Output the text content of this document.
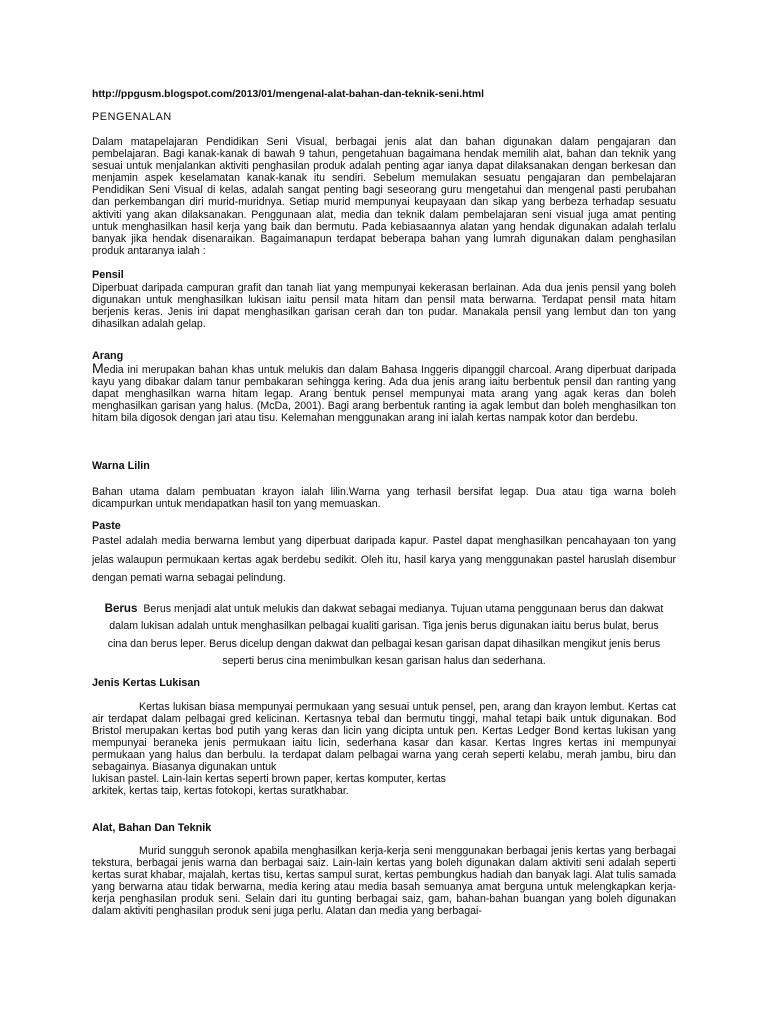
http://ppgusm.blogspot.com/2013/01/mengenal-alat-bahan-dan-teknik-seni.html
PENGENALAN
Dalam matapelajaran Pendidikan Seni Visual, berbagai jenis alat dan bahan digunakan dalam pengajaran dan pembelajaran. Bagi kanak-kanak di bawah 9 tahun, pengetahuan bagaimana hendak memilih alat, bahan dan teknik yang sesuai untuk menjalankan aktiviti penghasilan produk adalah penting agar ianya dapat dilaksanakan dengan berkesan dan menjamin aspek keselamatan kanak-kanak itu sendiri. Sebelum memulakan sesuatu pengajaran dan pembelajaran Pendidikan Seni Visual di kelas, adalah sangat penting bagi seseorang guru mengetahui dan mengenal pasti perubahan dan perkembangan diri murid-muridnya. Setiap murid mempunyai keupayaan dan sikap yang berbeza terhadap sesuatu aktiviti yang akan dilaksanakan. Penggunaan alat, media dan teknik dalam pembelajaran seni visual juga amat penting untuk menghasilkan hasil kerja yang baik dan bermutu. Pada kebiasaannya alatan yang hendak digunakan adalah terlalu banyak jika hendak disenaraikan. Bagaimanapun terdapat beberapa bahan yang lumrah digunakan dalam penghasilan produk antaranya ialah :
Pensil
Diperbuat daripada campuran grafit dan tanah liat yang mempunyai kekerasan berlainan. Ada dua jenis pensil yang boleh digunakan untuk menghasilkan lukisan iaitu pensil mata hitam dan pensil mata berwarna. Terdapat pensil mata hitam berjenis keras. Jenis ini dapat menghasilkan garisan cerah dan ton pudar. Manakala pensil yang lembut dan ton yang dihasilkan adalah gelap.
Arang
Media ini merupakan bahan khas untuk melukis dan dalam Bahasa Inggeris dipanggil charcoal. Arang diperbuat daripada kayu yang dibakar dalam tanur pembakaran sehingga kering. Ada dua jenis arang iaitu berbentuk pensil dan ranting yang dapat menghasilkan warna hitam legap. Arang bentuk pensel mempunyai mata arang yang agak keras dan boleh menghasilkan garisan yang halus. (McDa, 2001). Bagi arang berbentuk ranting ia agak lembut dan boleh menghasilkan ton hitam bila digosok dengan jari atau tisu. Kelemahan menggunakan arang ini ialah kertas nampak kotor dan berdebu.
Warna Lilin
Bahan utama dalam pembuatan krayon ialah lilin.Warna yang terhasil bersifat legap. Dua atau tiga warna boleh dicampurkan untuk mendapatkan hasil ton yang memuaskan.
Paste
Pastel adalah media berwarna lembut yang diperbuat daripada kapur. Pastel dapat menghasilkan pencahayaan ton yang jelas walaupun permukaan kertas agak berdebu sedikit. Oleh itu, hasil karya yang menggunakan pastel haruslah disembur dengan pemati warna sebagai pelindung.
Berus Berus menjadi alat untuk melukis dan dakwat sebagai medianya. Tujuan utama penggunaan berus dan dakwat
dalam lukisan adalah untuk menghasilkan pelbagai kualiti garisan. Tiga jenis berus digunakan iaitu berus bulat, berus
cina dan berus leper. Berus dicelup dengan dakwat dan pelbagai kesan garisan dapat dihasilkan mengikut jenis berus
seperti berus cina menimbulkan kesan garisan halus dan sederhana.
Jenis Kertas Lukisan
Kertas lukisan biasa mempunyai permukaan yang sesuai untuk pensel, pen, arang dan krayon lembut. Kertas cat air terdapat dalam pelbagai gred kelicinan. Kertasnya tebal dan bermutu tinggi, mahal tetapi baik untuk digunakan. Bod Bristol merupakan kertas bod putih yang keras dan licin yang dicipta untuk pen. Kertas Ledger Bond kertas lukisan yang mempunyai beraneka jenis permukaan iaitu licin, sederhana kasar dan kasar. Kertas Ingres kertas ini mempunyai permukaan yang halus dan berbulu. Ia terdapat dalam pelbagai warna yang cerah seperti kelabu, merah jambu, biru dan sebagainya. Biasanya digunakan untuk
lukisan pastel. Lain-lain kertas seperti brown paper, kertas komputer, kertas
arkitek, kertas taip, kertas fotokopi, kertas suratkhabar.
Alat, Bahan Dan Teknik
Murid sungguh seronok apabila menghasilkan kerja-kerja seni menggunakan berbagai jenis kertas yang berbagai tekstura, berbagai jenis warna dan berbagai saiz. Lain-lain kertas yang boleh digunakan dalam aktiviti seni adalah seperti kertas surat khabar, majalah, kertas tisu, kertas sampul surat, kertas pembungkus hadiah dan banyak lagi. Alat tulis samada yang berwarna atau tidak berwarna, media kering atau media basah semuanya amat berguna untuk melengkapkan kerja-kerja penghasilan produk seni. Selain dari itu gunting berbagai saiz, gam, bahan-bahan buangan yang boleh digunakan dalam aktiviti penghasilan produk seni juga perlu. Alatan dan media yang berbagai-
